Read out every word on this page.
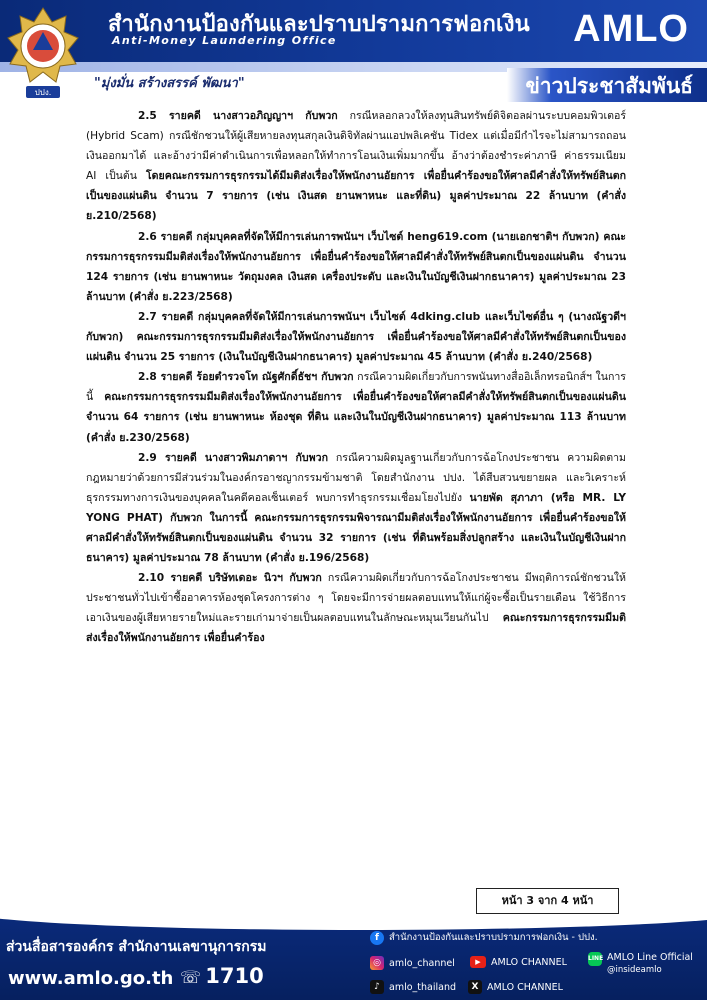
ปปง.
สำนักงานป้องกันและปราบปรามการฟอกเงิน
Anti-Money Laundering Office	AMLO
"มุ่งมั่น สร้างสรรค์ พัฒนา"	ข่าวประชาสัมพันธ์

2.5 รายคดี นางสาวอภิญญาฯ กับพวก กรณีหลอกลวงให้ลงทุนสินทรัพย์ดิจิตอลผ่านระบบคอมพิวเตอร์ (Hybrid Scam) กรณีชักชวนให้ผู้เสียหายลงทุนสกุลเงินดิจิทัลผ่านแอปพลิเคชัน Tidex แต่เมื่อมีกำไรจะไม่สามารถถอนเงินออกมาได้ และอ้างว่ามีค่าดำเนินการเพื่อหลอกให้ทำการโอนเงินเพิ่มมากขึ้น อ้างว่าต้องชำระค่าภาษี ค่าธรรมเนียม AI เป็นต้น โดยคณะกรรมการธุรกรรมได้มีมติส่งเรื่องให้พนักงานอัยการ เพื่อยื่นคำร้องขอให้ศาลมีคำสั่งให้ทรัพย์สินตกเป็นของแผ่นดิน จำนวน 7 รายการ (เช่น เงินสด ยานพาหนะ และที่ดิน) มูลค่าประมาณ 22 ล้านบาท (คำสั่ง ย.210/2568)

2.6 รายคดี กลุ่มบุคคลที่จัดให้มีการเล่นการพนันฯ เว็บไซต์ heng619.com (นายเอกชาติฯ กับพวก) คณะกรรมการธุรกรรมมีมติส่งเรื่องให้พนักงานอัยการ เพื่อยื่นคำร้องขอให้ศาลมีคำสั่งให้ทรัพย์สินตกเป็นของแผ่นดิน จำนวน 124 รายการ (เช่น ยานพาหนะ วัตถุมงคล เงินสด เครื่องประดับ และเงินในบัญชีเงินฝากธนาคาร) มูลค่าประมาณ 23 ล้านบาท (คำสั่ง ย.223/2568)

2.7 รายคดี กลุ่มบุคคลที่จัดให้มีการเล่นการพนันฯ เว็บไซต์ 4dking.club และเว็บไซต์อื่น ๆ (นางณัฐวดีฯ กับพวก) คณะกรรมการธุรกรรมมีมติส่งเรื่องให้พนักงานอัยการ เพื่อยื่นคำร้องขอให้ศาลมีคำสั่งให้ทรัพย์สินตกเป็นของแผ่นดิน จำนวน 25 รายการ (เงินในบัญชีเงินฝากธนาคาร) มูลค่าประมาณ 45 ล้านบาท (คำสั่ง ย.240/2568)

2.8 รายคดี ร้อยตำรวจโท ณัฐศักดิ์ธัชฯ กับพวก กรณีความผิดเกี่ยวกับการพนันทางสื่ออิเล็กทรอนิกส์ฯ ในการนี้ คณะกรรมการธุรกรรมมีมติส่งเรื่องให้พนักงานอัยการ เพื่อยื่นคำร้องขอให้ศาลมีคำสั่งให้ทรัพย์สินตกเป็นของแผ่นดิน จำนวน 64 รายการ (เช่น ยานพาหนะ ห้องชุด ที่ดิน และเงินในบัญชีเงินฝากธนาคาร) มูลค่าประมาณ 113 ล้านบาท (คำสั่ง ย.230/2568)

2.9 รายคดี นางสาวพิมภาดาฯ กับพวก กรณีความผิดมูลฐานเกี่ยวกับการฉ้อโกงประชาชน ความผิดตามกฎหมายว่าด้วยการมีส่วนร่วมในองค์กรอาชญากรรมข้ามชาติ โดยสำนักงาน ปปง. ได้สืบสวนขยายผล และวิเคราะห์ธุรกรรมทางการเงินของบุคคลในคดีคอลเซ็นเตอร์ พบการทำธุรกรรมเชื่อมโยงไปยัง นายพัด สุภาภา (หรือ MR. LY YONG PHAT) กับพวก ในการนี้ คณะกรรมการธุรกรรมพิจารณามีมติส่งเรื่องให้พนักงานอัยการ เพื่อยื่นคำร้องขอให้ศาลมีคำสั่งให้ทรัพย์สินตกเป็นของแผ่นดิน จำนวน 32 รายการ (เช่น ที่ดินพร้อมสิ่งปลูกสร้าง และเงินในบัญชีเงินฝากธนาคาร) มูลค่าประมาณ 78 ล้านบาท (คำสั่ง ย.196/2568)

2.10 รายคดี บริษัทเดอะ นิวฯ กับพวก กรณีความผิดเกี่ยวกับการฉ้อโกงประชาชน มีพฤติการณ์ชักชวนให้ประชาชนทั่วไปเข้าซื้ออาคารห้องชุดโครงการต่าง ๆ โดยจะมีการจ่ายผลตอบแทนให้แก่ผู้จะซื้อเป็นรายเดือน ใช้วิธีการเอาเงินของผู้เสียหายรายใหม่และรายเก่ามาจ่ายเป็นผลตอบแทนในลักษณะหมุนเวียนกันไป คณะกรรมการธุรกรรมมีมติส่งเรื่องให้พนักงานอัยการ เพื่อยื่นคำร้อง

หน้า 3 จาก 4 หน้า
ส่วนสื่อสารองค์กร สำนักงานเลขานุการกรม
www.amlo.go.th ☏ 1710
f	สำนักงานป้องกันและปราบปรามการฟอกเงิน - ปปง.
◎ amlo_channel	▶	AMLO CHANNEL	LINE AMLO Line Official
@insideamlo
♪ amlo_thailand	X AMLO CHANNEL
